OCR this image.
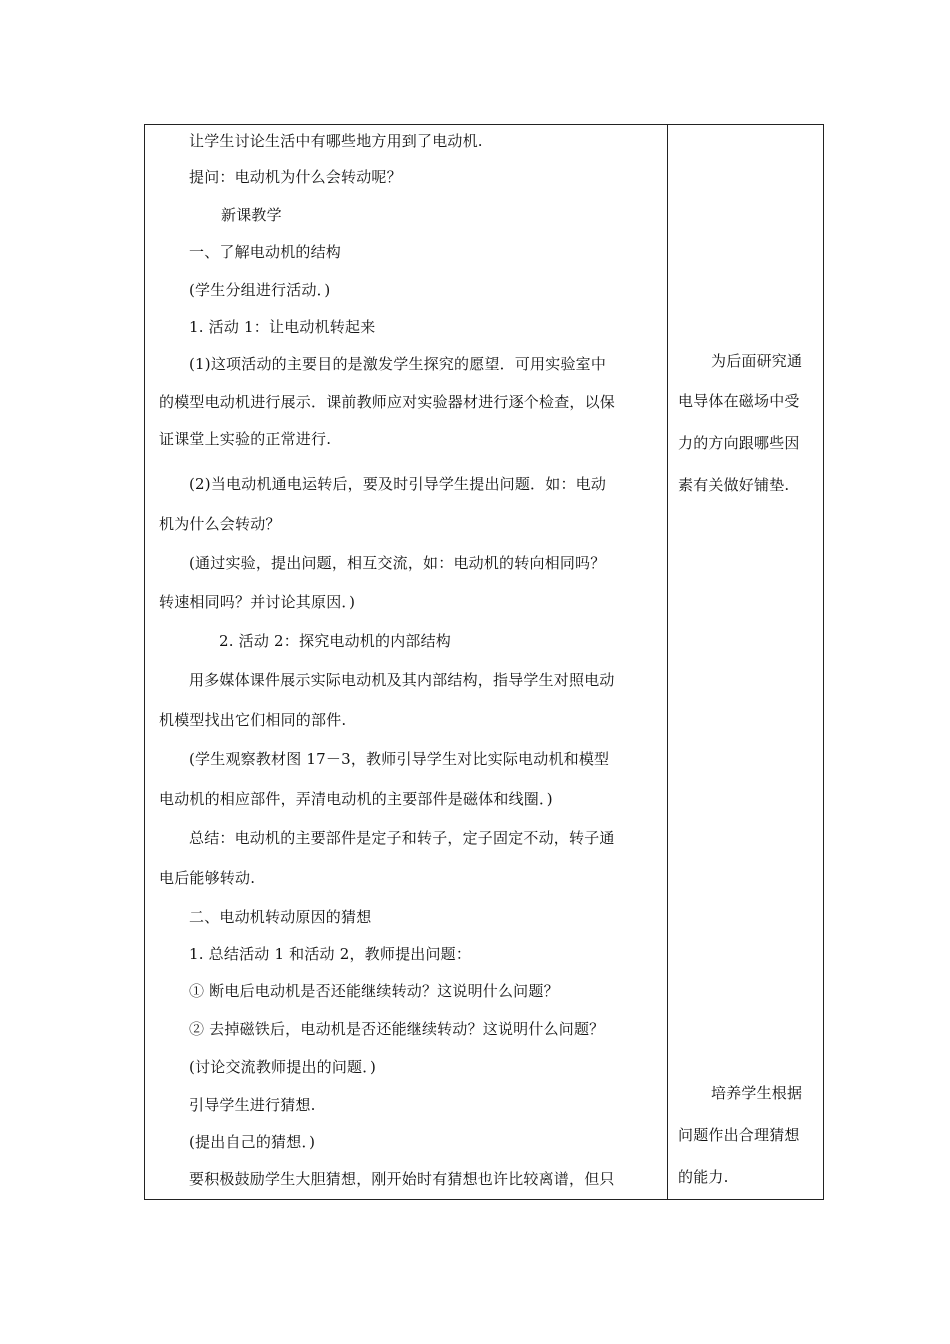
让学生讨论生活中有哪些地方用到了电动机.
提问：电动机为什么会转动呢？
新课教学
一、了解电动机的结构
(学生分组进行活动．)
1. 活动 1：让电动机转起来
(1)这项活动的主要目的是激发学生探究的愿望．可用实验室中
的模型电动机进行展示．课前教师应对实验器材进行逐个检查，以保
证课堂上实验的正常进行.
(2)当电动机通电运转后，要及时引导学生提出问题．如：电动
机为什么会转动？
(通过实验，提出问题，相互交流，如：电动机的转向相同吗？
转速相同吗？并讨论其原因．)
2. 活动 2：探究电动机的内部结构
用多媒体课件展示实际电动机及其内部结构，指导学生对照电动
机模型找出它们相同的部件.
(学生观察教材图 17－3，教师引导学生对比实际电动机和模型
电动机的相应部件，弄清电动机的主要部件是磁体和线圈．)
总结：电动机的主要部件是定子和转子，定子固定不动，转子通
电后能够转动.
二、电动机转动原因的猜想
1. 总结活动 1 和活动 2，教师提出问题：
① 断电后电动机是否还能继续转动？这说明什么问题？
② 去掉磁铁后，电动机是否还能继续转动？这说明什么问题？
(讨论交流教师提出的问题．)
引导学生进行猜想.
(提出自己的猜想．)
要积极鼓励学生大胆猜想，刚开始时有猜想也许比较离谱，但只
为后面研究通
电导体在磁场中受
力的方向跟哪些因
素有关做好铺垫.
培养学生根据
问题作出合理猜想
的能力.
